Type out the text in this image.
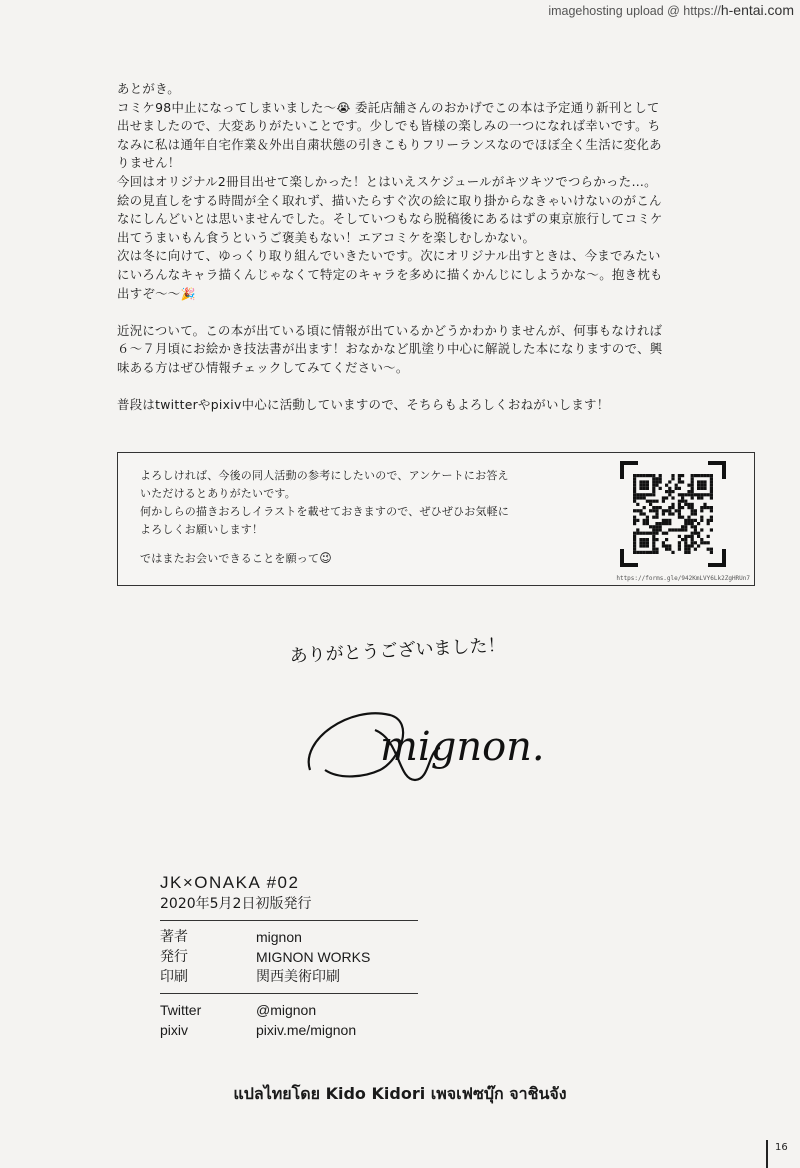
imagehosting upload @ https://h-entai.com

あとがき。

コミケ98中止になってしまいました～😭 委託店舗さんのおかげでこの本は予定通り新刊として

出せましたので、大変ありがたいことです。少しでも皆様の楽しみの一つになれば幸いです。ち

なみに私は通年自宅作業＆外出自粛状態の引きこもりフリーランスなのでほぼ全く生活に変化あ

りません！

今回はオリジナル2冊目出せて楽しかった！とはいえスケジュールがキツキツでつらかった…。

絵の見直しをする時間が全く取れず、描いたらすぐ次の絵に取り掛からなきゃいけないのがこん

なにしんどいとは思いませんでした。そしていつもなら脱稿後にあるはずの東京旅行してコミケ

出てうまいもん食うというご褒美もない！エアコミケを楽しむしかない。

次は冬に向けて、ゆっくり取り組んでいきたいです。次にオリジナル出すときは、今までみたい

にいろんなキャラ描くんじゃなくて特定のキャラを多めに描くかんじにしようかな～。抱き枕も

出すぞ～～🎉

近況について。この本が出ている頃に情報が出ているかどうかわかりませんが、何事もなければ

６～７月頃にお絵かき技法書が出ます！おなかなど肌塗り中心に解説した本になりますので、興

味ある方はぜひ情報チェックしてみてください～。

普段はtwitterやpixiv中心に活動していますので、そちらもよろしくおねがいします！

よろしければ、今後の同人活動の参考にしたいので、アンケートにお答え

いただけるとありがたいです。

何かしらの描きおろしイラストを載せておきますので、ぜひぜひお気軽に

よろしくお願いします！

ではまたお会いできることを願って😉

https://forms.gle/942KmLVY6Lk2ZgHRUn7
ありがとうございました！
mignon.
JK×ONAKA #02
2020年5月2日初版発行
著者	mignon
発行	MIGNON WORKS
印刷	関西美術印刷
Twitter	@mignon
pixiv	pixiv.me/mignon
แปลไทยโดย Kido Kidori เพจเฟซบุ๊ก จาชินจัง
16
